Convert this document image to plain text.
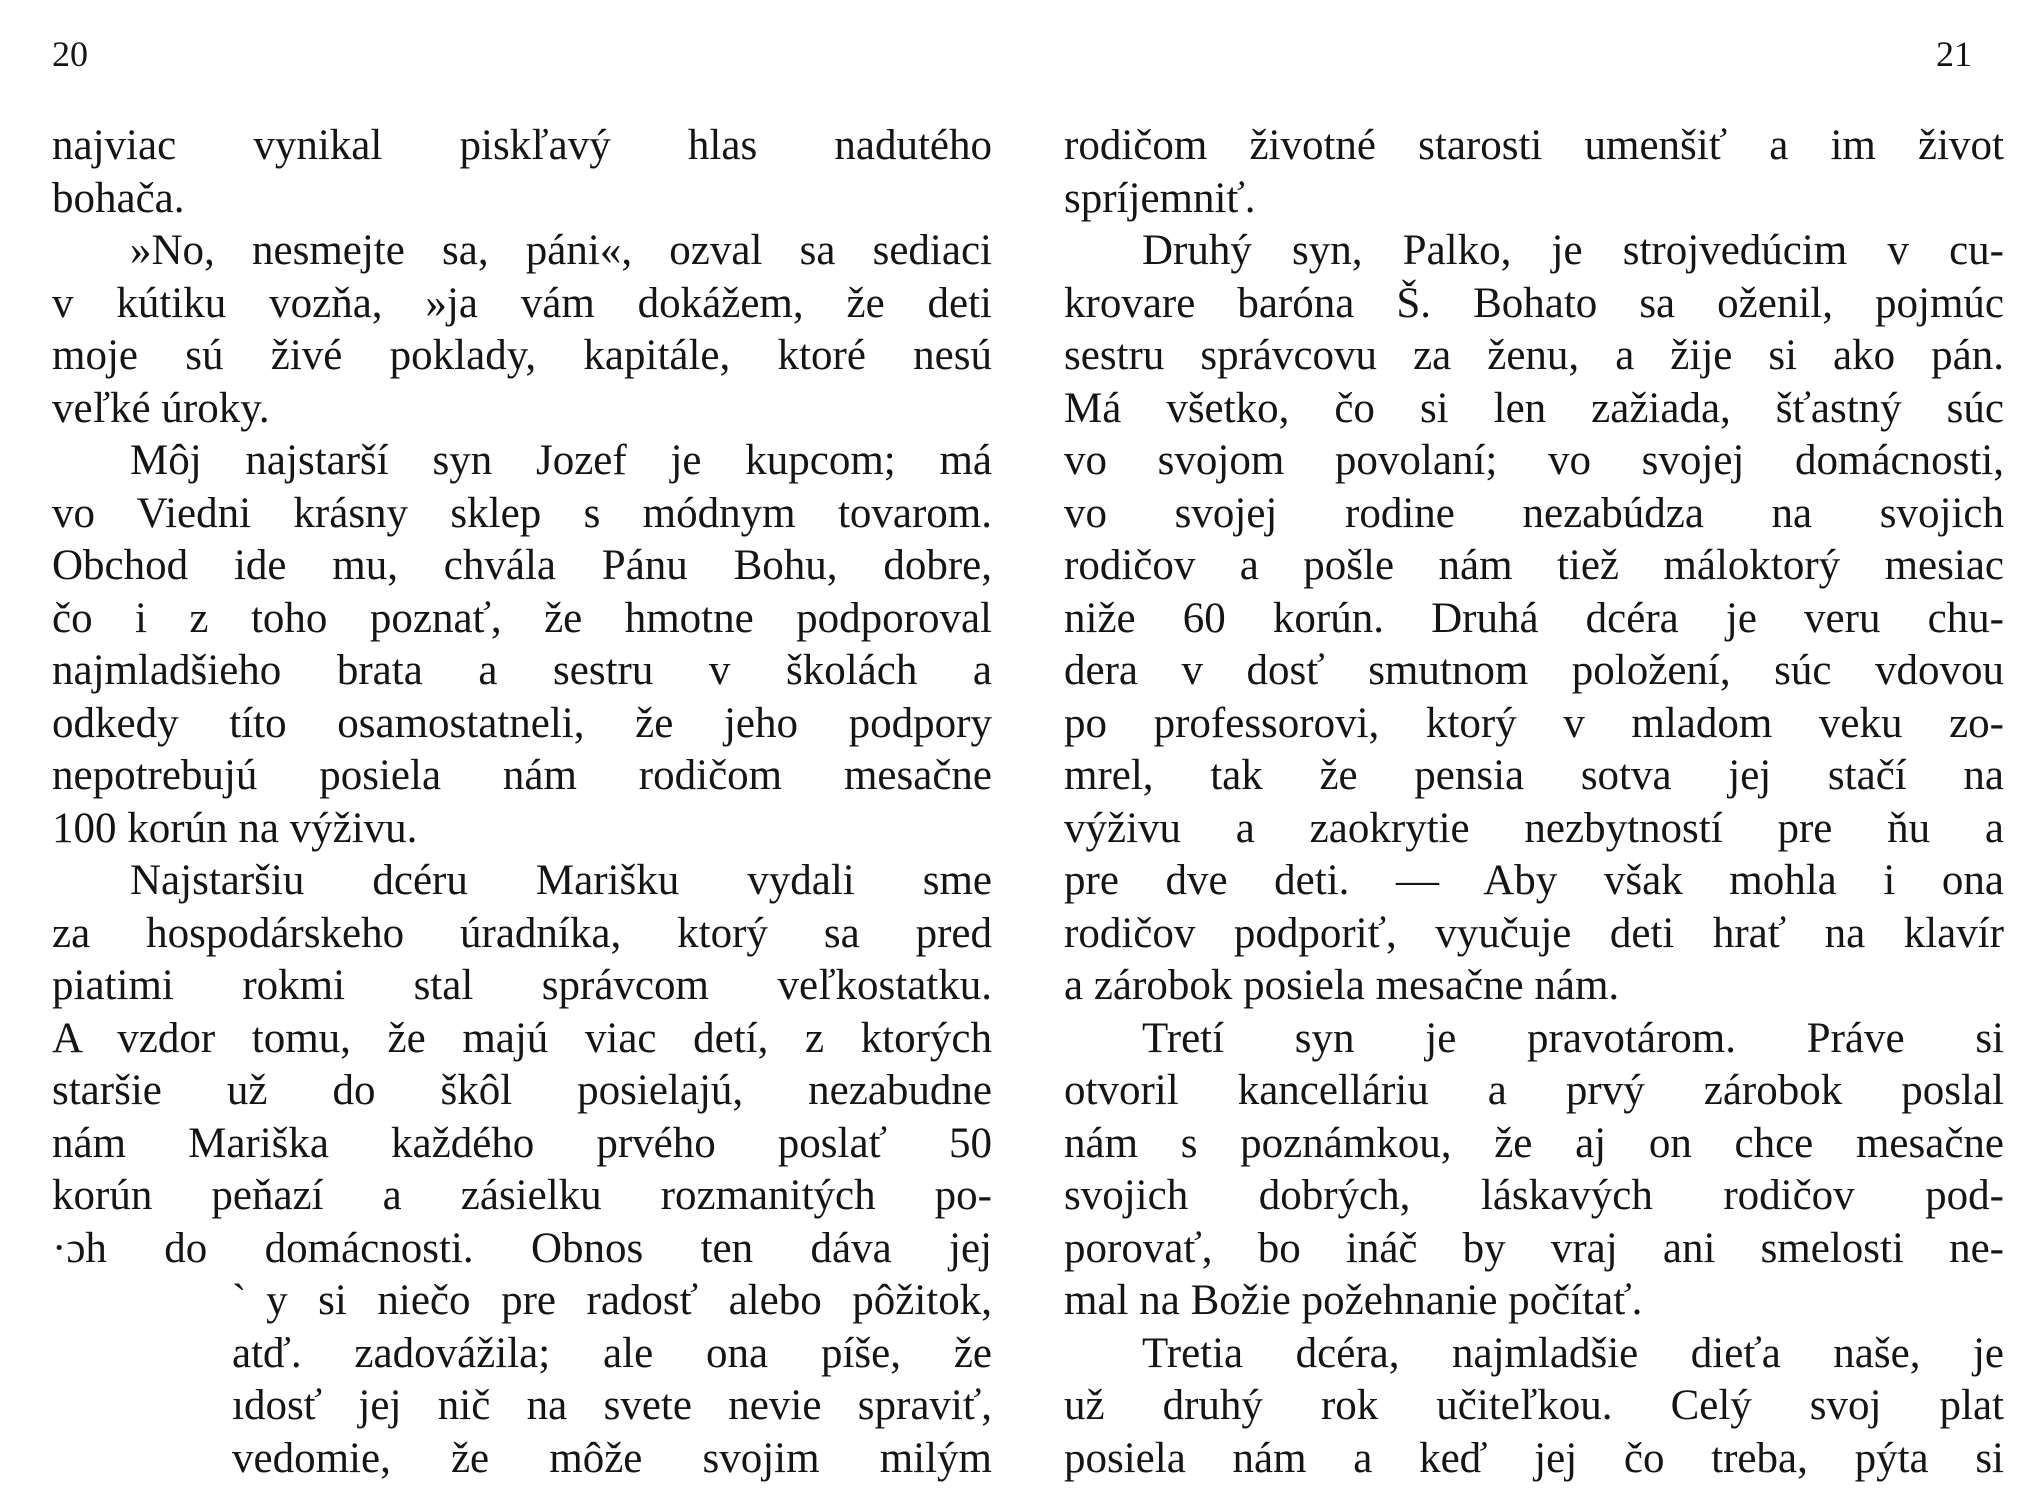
20	21
najviac vynikal piskľavý hlas nadutého
bohača.
»No, nesmejte sa, páni«, ozval sa sediaci
v kútiku vozňa, »ja vám dokážem, že deti
moje sú živé poklady, kapitále, ktoré nesú
veľké úroky.
Môj najstarší syn Jozef je kupcom; má
vo Viedni krásny sklep s módnym tovarom.
Obchod ide mu, chvála Pánu Bohu, dobre,
čo i z toho poznať, že hmotne podporoval
najmladšieho brata a sestru v školách a
odkedy títo osamostatneli, že jeho podpory
nepotrebujú posiela nám rodičom mesačne
100 korún na výživu.
Najstaršiu dcéru Marišku vydali sme
za hospodárskeho úradníka, ktorý sa pred
piatimi rokmi stal správcom veľkostatku.
A vzdor tomu, že majú viac detí, z ktorých
staršie už do škôl posielajú, nezabudne
nám Mariška každého prvého poslať 50
korún peňazí a zásielku rozmanitých po-
·ɔh do domácnosti. Obnos ten dáva jej
ˋy si niečo pre radosť alebo pôžitok,
atď. zadovážila; ale ona píše, že
ıdosť jej nič na svete nevie spraviť,
vedomie, že môže svojim milým
rodičom životné starosti umenšiť a im život
spríjemniť.
Druhý syn, Palko, je strojvedúcim v cu-
krovare baróna Š. Bohato sa oženil, pojmúc
sestru správcovu za ženu, a žije si ako pán.
Má všetko, čo si len zažiada, šťastný súc
vo svojom povolaní; vo svojej domácnosti,
vo svojej rodine nezabúdza na svojich
rodičov a pošle nám tiež máloktorý mesiac
niže 60 korún. Druhá dcéra je veru chu-
dera v dosť smutnom položení, súc vdovou
po professorovi, ktorý v mladom veku zo-
mrel, tak že pensia sotva jej stačí na
výživu a zaokrytie nezbytností pre ňu a
pre dve deti. — Aby však mohla i ona
rodičov podporiť, vyučuje deti hrať na klavír
a zárobok posiela mesačne nám.
Tretí syn je pravotárom. Práve si
otvoril kancelláriu a prvý zárobok poslal
nám s poznámkou, že aj on chce mesačne
svojich dobrých, láskavých rodičov pod-
porovať, bo ináč by vraj ani smelosti ne-
mal na Božie požehnanie počítať.
Tretia dcéra, najmladšie dieťa naše, je
už druhý rok učiteľkou. Celý svoj plat
posiela nám a keď jej čo treba, pýta si
